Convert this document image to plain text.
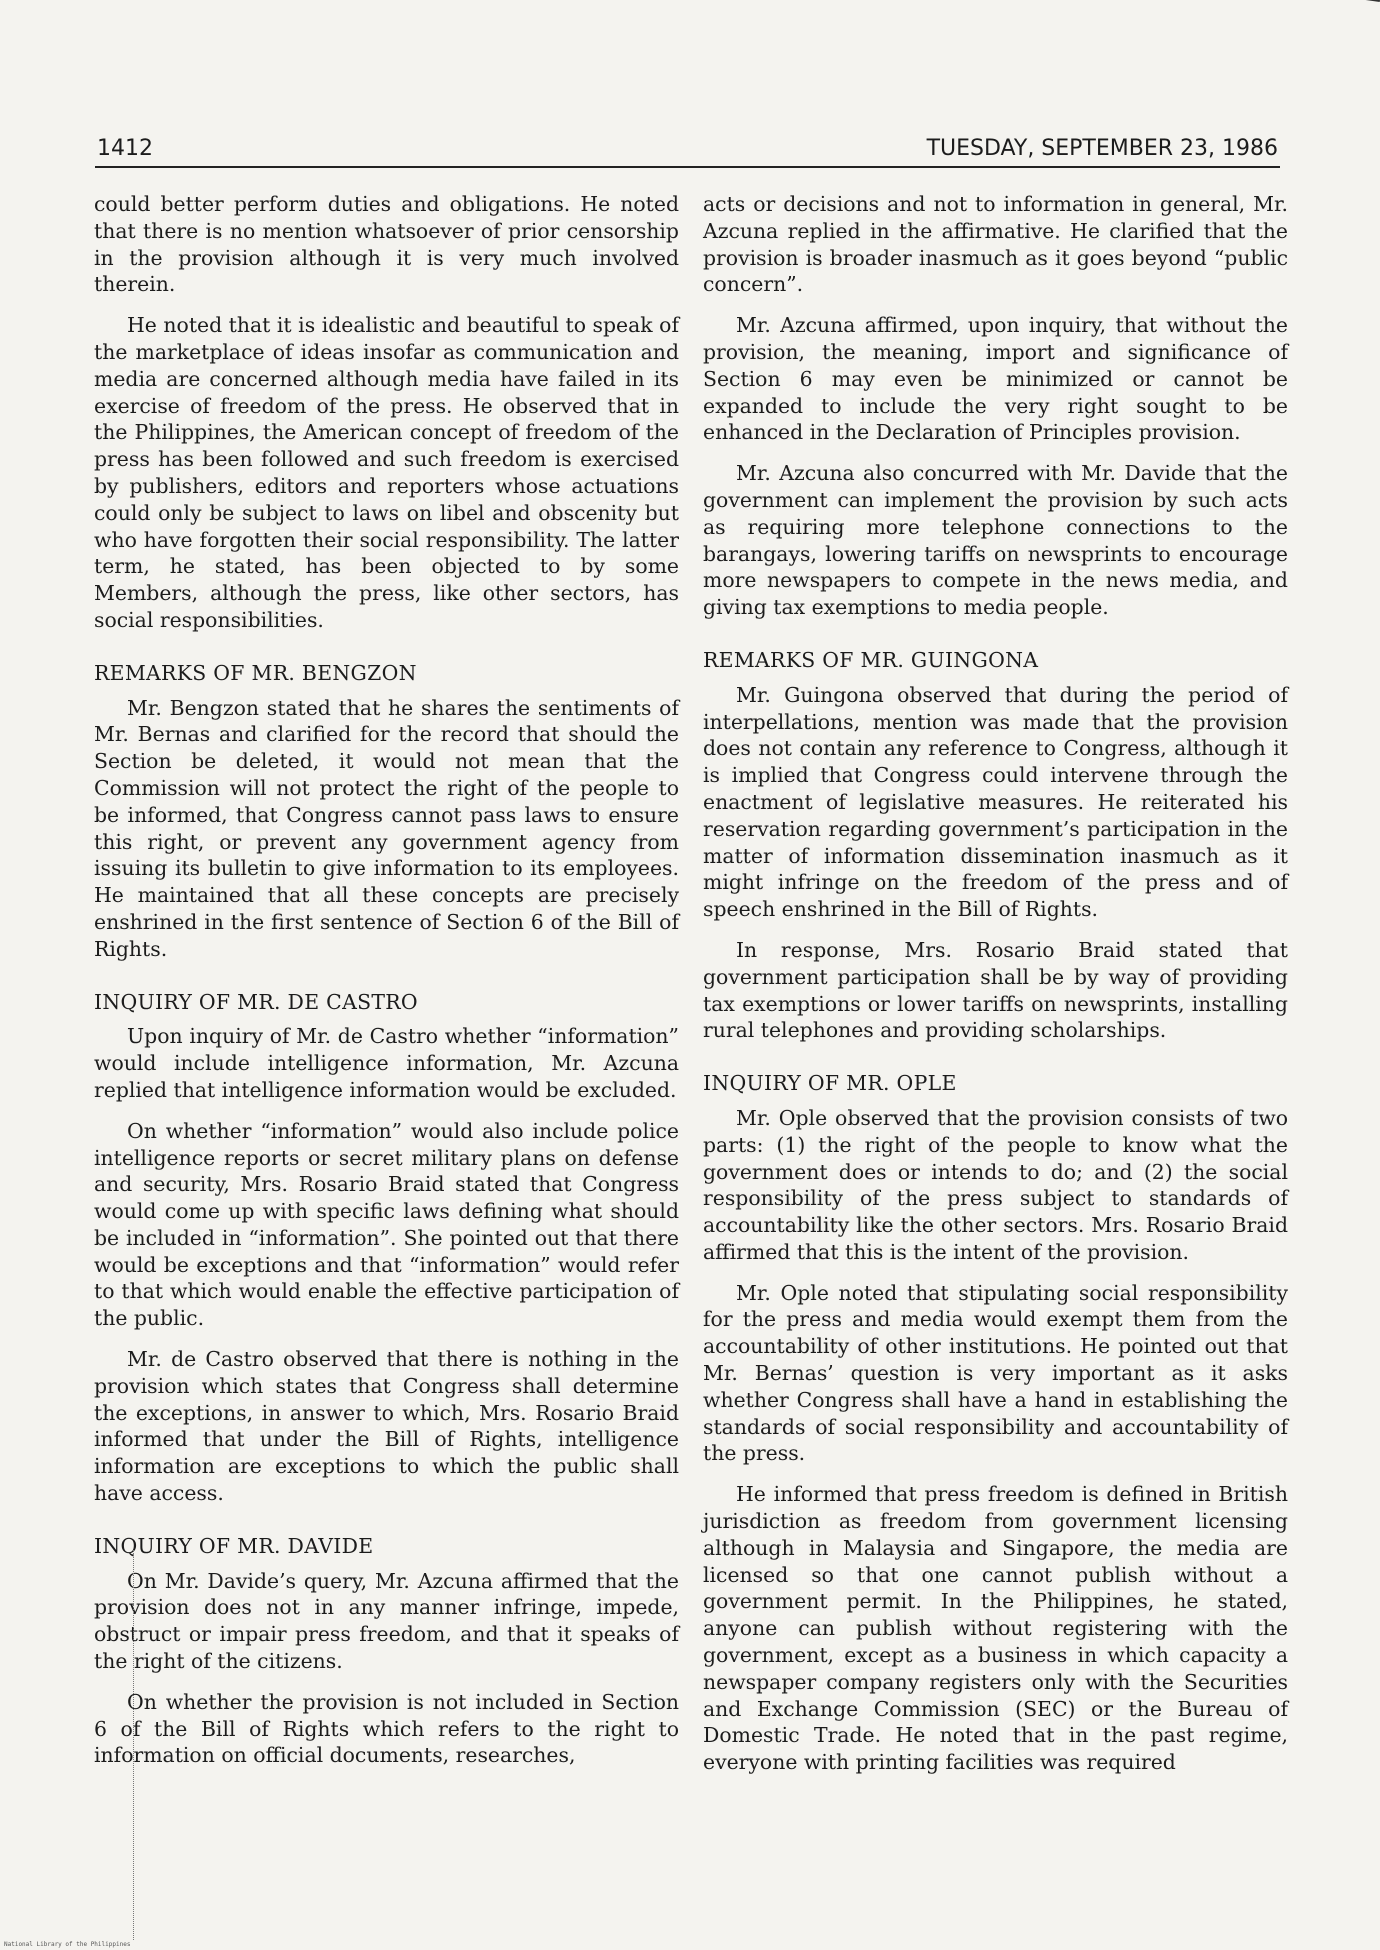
1412	TUESDAY, SEPTEMBER 23, 1986

could better perform duties and obligations. He noted that there is no mention whatsoever of prior censorship in the provision although it is very much involved therein.

He noted that it is idealistic and beautiful to speak of the marketplace of ideas insofar as communication and media are concerned although media have failed in its exercise of freedom of the press. He observed that in the Philippines, the American concept of freedom of the press has been followed and such freedom is exercised by publishers, editors and reporters whose actuations could only be subject to laws on libel and obscenity but who have forgotten their social responsibility. The latter term, he stated, has been objected to by some Members, although the press, like other sectors, has social responsibilities.

REMARKS OF MR. BENGZON

Mr. Bengzon stated that he shares the sentiments of Mr. Bernas and clarified for the record that should the Section be deleted, it would not mean that the Commission will not protect the right of the people to be informed, that Congress cannot pass laws to ensure this right, or prevent any government agency from issuing its bulletin to give information to its employees. He maintained that all these concepts are precisely enshrined in the first sentence of Section 6 of the Bill of Rights.

INQUIRY OF MR. DE CASTRO

Upon inquiry of Mr. de Castro whether “information” would include intelligence information, Mr. Azcuna replied that intelligence information would be excluded.

On whether “information” would also include police intelligence reports or secret military plans on defense and security, Mrs. Rosario Braid stated that Congress would come up with specific laws defining what should be included in “information”. She pointed out that there would be exceptions and that “information” would refer to that which would enable the effective participation of the public.

Mr. de Castro observed that there is nothing in the provision which states that Congress shall determine the exceptions, in answer to which, Mrs. Rosario Braid informed that under the Bill of Rights, intelligence information are exceptions to which the public shall have access.

INQUIRY OF MR. DAVIDE

On Mr. Davide’s query, Mr. Azcuna affirmed that the provision does not in any manner infringe, impede, obstruct or impair press freedom, and that it speaks of the right of the citizens.

On whether the provision is not included in Section 6 of the Bill of Rights which refers to the right to information on official documents, researches,

acts or decisions and not to information in general, Mr. Azcuna replied in the affirmative. He clarified that the provision is broader inasmuch as it goes beyond “public concern”.

Mr. Azcuna affirmed, upon inquiry, that without the provision, the meaning, import and significance of Section 6 may even be minimized or cannot be expanded to include the very right sought to be enhanced in the Declaration of Principles provision.

Mr. Azcuna also concurred with Mr. Davide that the government can implement the provision by such acts as requiring more telephone connections to the barangays, lowering tariffs on newsprints to encourage more newspapers to compete in the news media, and giving tax exemptions to media people.

REMARKS OF MR. GUINGONA

Mr. Guingona observed that during the period of interpellations, mention was made that the provision does not contain any reference to Congress, although it is implied that Congress could intervene through the enactment of legislative measures. He reiterated his reservation regarding government’s participation in the matter of information dissemination inasmuch as it might infringe on the freedom of the press and of speech enshrined in the Bill of Rights.

In response, Mrs. Rosario Braid stated that government participation shall be by way of providing tax exemptions or lower tariffs on newsprints, installing rural telephones and providing scholarships.

INQUIRY OF MR. OPLE

Mr. Ople observed that the provision consists of two parts: (1) the right of the people to know what the government does or intends to do; and (2) the social responsibility of the press subject to standards of accountability like the other sectors. Mrs. Rosario Braid affirmed that this is the intent of the provision.

Mr. Ople noted that stipulating social responsibility for the press and media would exempt them from the accountability of other institutions. He pointed out that Mr. Bernas’ question is very important as it asks whether Congress shall have a hand in establishing the standards of social responsibility and accountability of the press.

He informed that press freedom is defined in British jurisdiction as freedom from government licensing although in Malaysia and Singapore, the media are licensed so that one cannot publish without a government permit. In the Philippines, he stated, anyone can publish without registering with the government, except as a business in which capacity a newspaper company registers only with the Securities and Exchange Commission (SEC) or the Bureau of Domestic Trade. He noted that in the past regime, everyone with printing facilities was required

National Library of the Philippines
